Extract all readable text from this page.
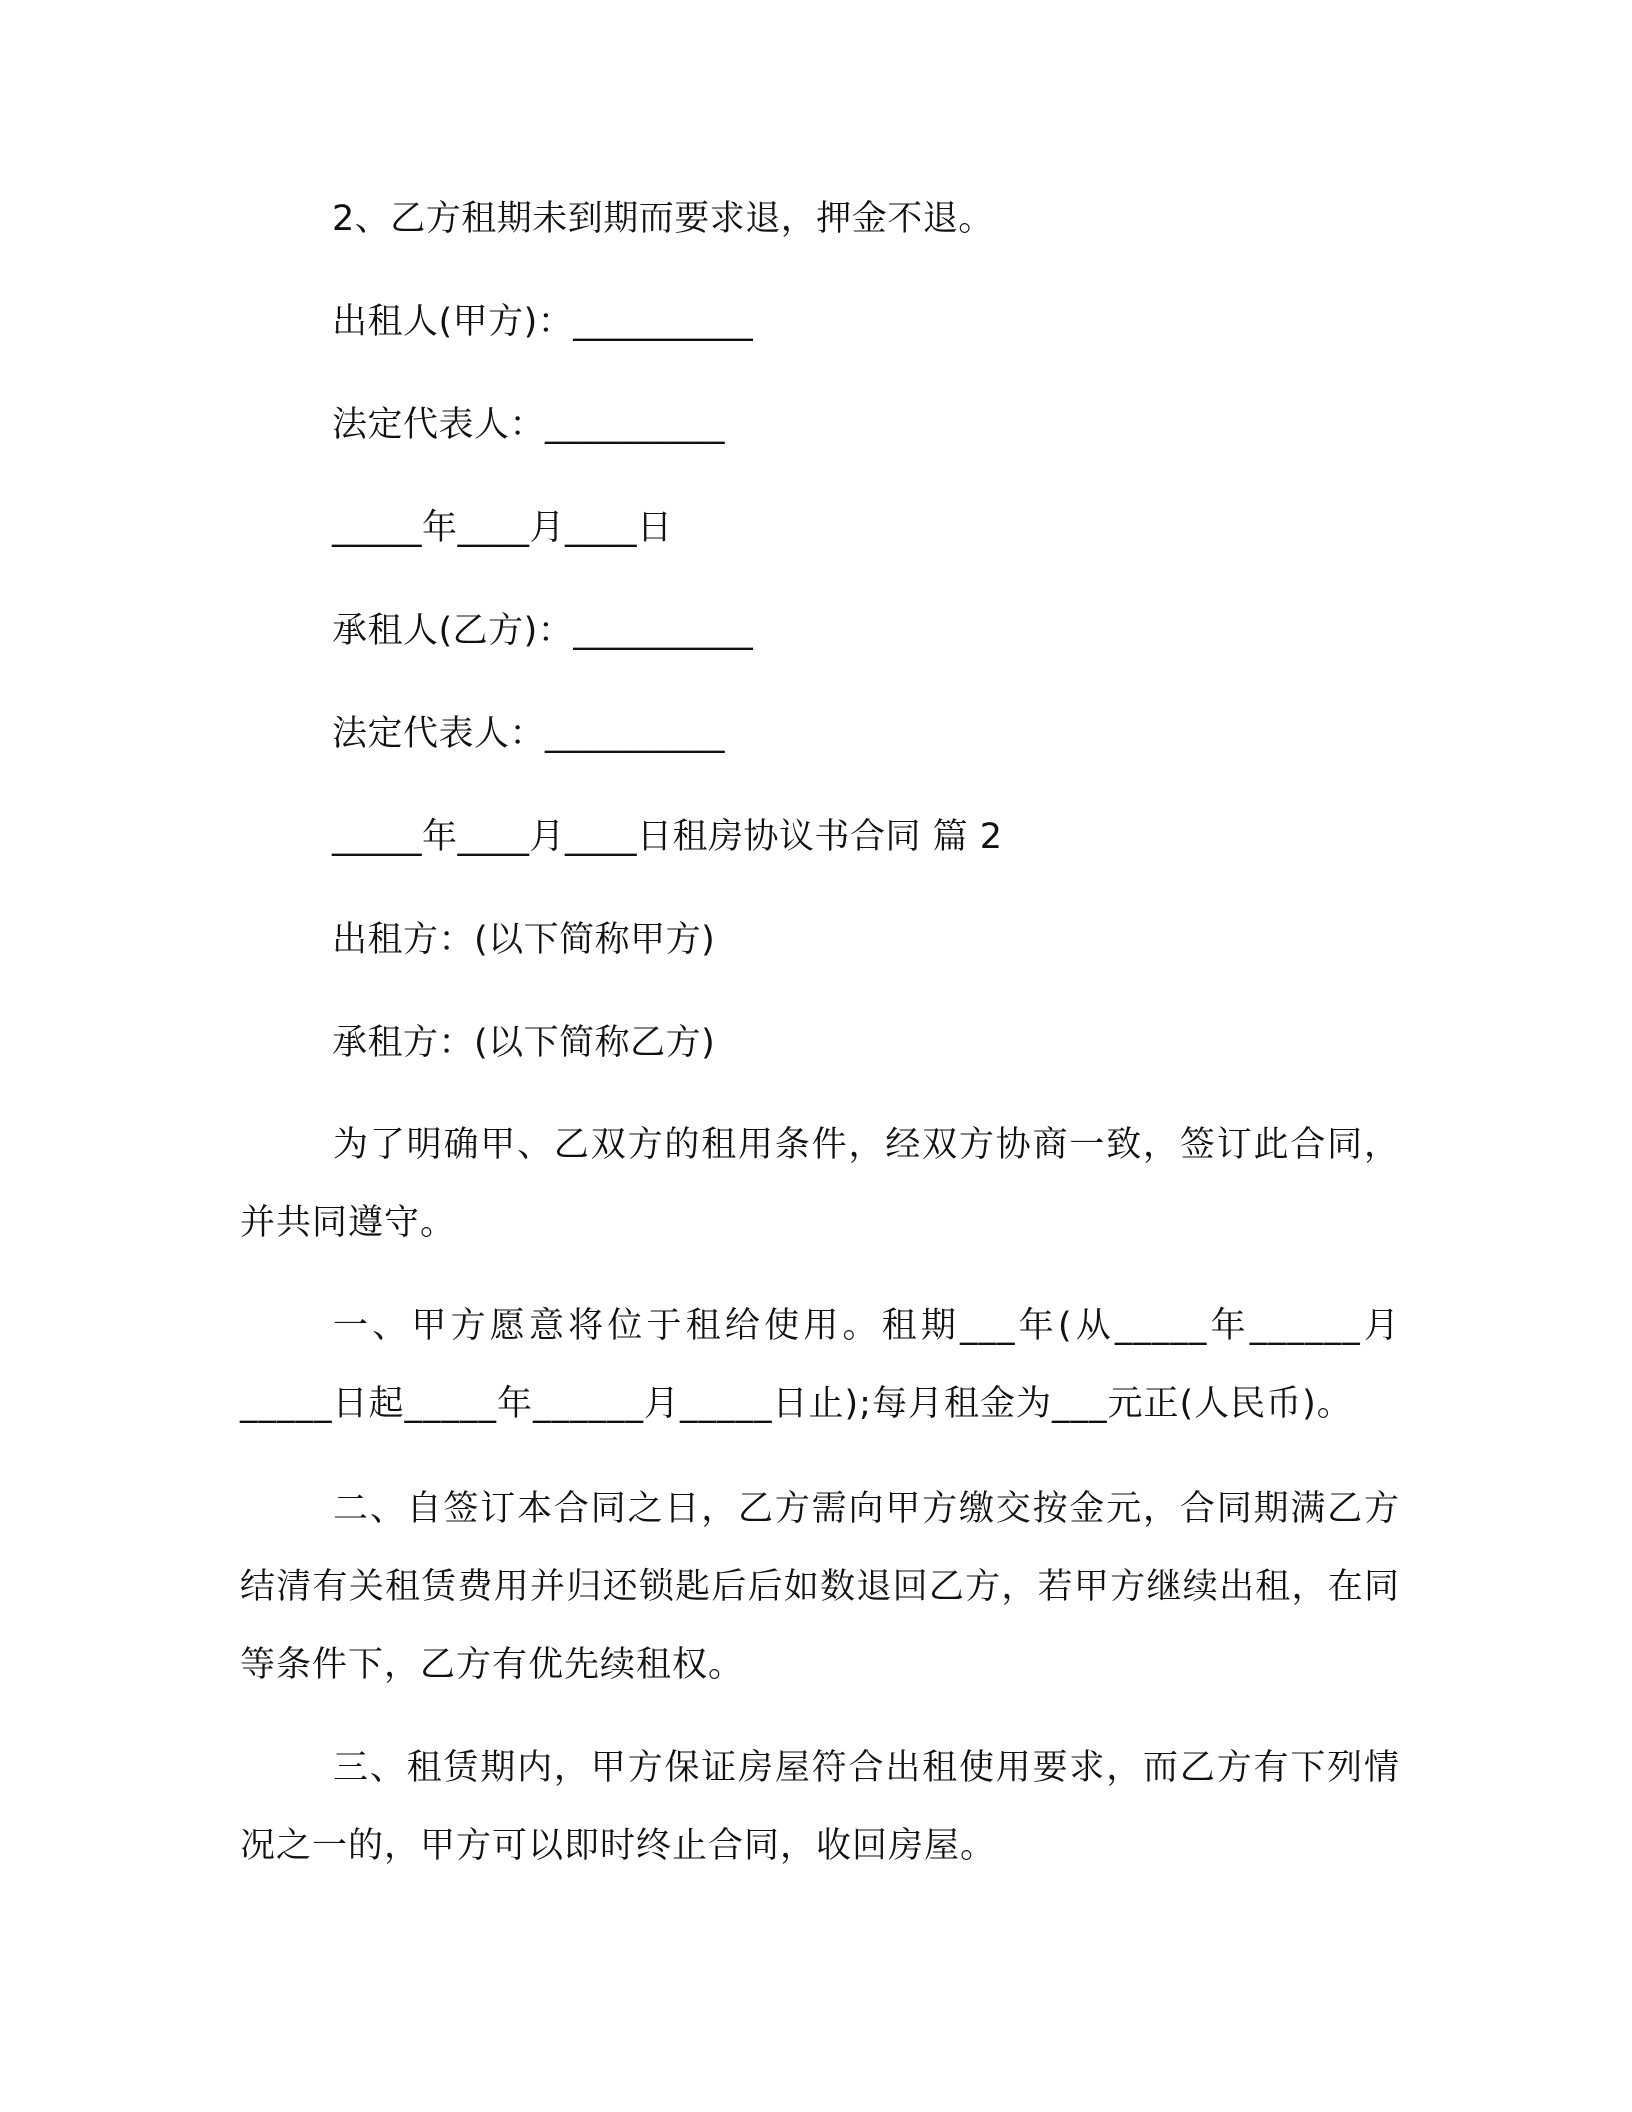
2、乙方租期未到期而要求退，押金不退。

出租人(甲方)：__________

法定代表人：__________

_____年____月____日

承租人(乙方)：__________

法定代表人：__________

_____年____月____日租房协议书合同 篇 2

出租方：(以下简称甲方)

承租方：(以下简称乙方)

为了明确甲、乙双方的租用条件，经双方协商一致，签订此合同，并共同遵守。

一、甲方愿意将位于租给使用。租期___年(从_____年______月_____日起_____年______月_____日止);每月租金为___元正(人民币)。

二、自签订本合同之日，乙方需向甲方缴交按金元，合同期满乙方结清有关租赁费用并归还锁匙后后如数退回乙方，若甲方继续出租，在同等条件下，乙方有优先续租权。

三、租赁期内，甲方保证房屋符合出租使用要求，而乙方有下列情况之一的，甲方可以即时终止合同，收回房屋。
